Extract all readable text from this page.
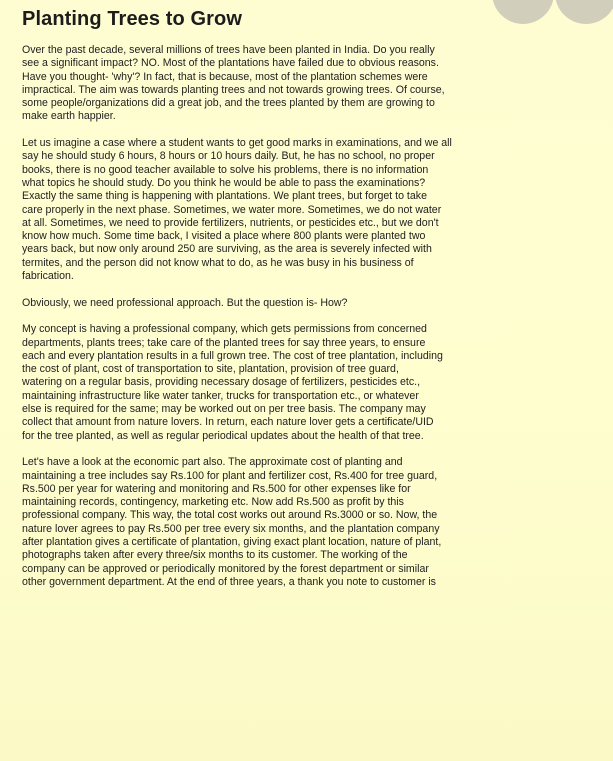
Planting Trees to Grow

Over the past decade, several millions of trees have been planted in India. Do you really
see a significant impact? NO. Most of the plantations have failed due to obvious reasons.
Have you thought- 'why'? In fact, that is because, most of the plantation schemes were
impractical. The aim was towards planting trees and not towards growing trees. Of course,
some people/organizations did a great job, and the trees planted by them are growing to
make earth happier.

Let us imagine a case where a student wants to get good marks in examinations, and we all
say he should study 6 hours, 8 hours or 10 hours daily. But, he has no school, no proper
books, there is no good teacher available to solve his problems, there is no information
what topics he should study. Do you think he would be able to pass the examinations?
Exactly the same thing is happening with plantations. We plant trees, but forget to take
care properly in the next phase. Sometimes, we water more. Sometimes, we do not water
at all. Sometimes, we need to provide fertilizers, nutrients, or pesticides etc., but we don't
know how much. Some time back, I visited a place where 800 plants were planted two
years back, but now only around 250 are surviving, as the area is severely infected with
termites, and the person did not know what to do, as he was busy in his business of
fabrication.

Obviously, we need professional approach. But the question is- How?

My concept is having a professional company, which gets permissions from concerned
departments, plants trees; take care of the planted trees for say three years, to ensure
each and every plantation results in a full grown tree. The cost of tree plantation, including
the cost of plant, cost of transportation to site, plantation, provision of tree guard,
watering on a regular basis, providing necessary dosage of fertilizers, pesticides etc.,
maintaining infrastructure like water tanker, trucks for transportation etc., or whatever
else is required for the same; may be worked out on per tree basis. The company may
collect that amount from nature lovers. In return, each nature lover gets a certificate/UID
for the tree planted, as well as regular periodical updates about the health of that tree.

Let's have a look at the economic part also. The approximate cost of planting and
maintaining a tree includes say Rs.100 for plant and fertilizer cost, Rs.400 for tree guard,
Rs.500 per year for watering and monitoring and Rs.500 for other expenses like for
maintaining records, contingency, marketing etc. Now add Rs.500 as profit by this
professional company. This way, the total cost works out around Rs.3000 or so. Now, the
nature lover agrees to pay Rs.500 per tree every six months, and the plantation company
after plantation gives a certificate of plantation, giving exact plant location, nature of plant,
photographs taken after every three/six months to its customer. The working of the
company can be approved or periodically monitored by the forest department or similar
other government department. At the end of three years, a thank you note to customer is
